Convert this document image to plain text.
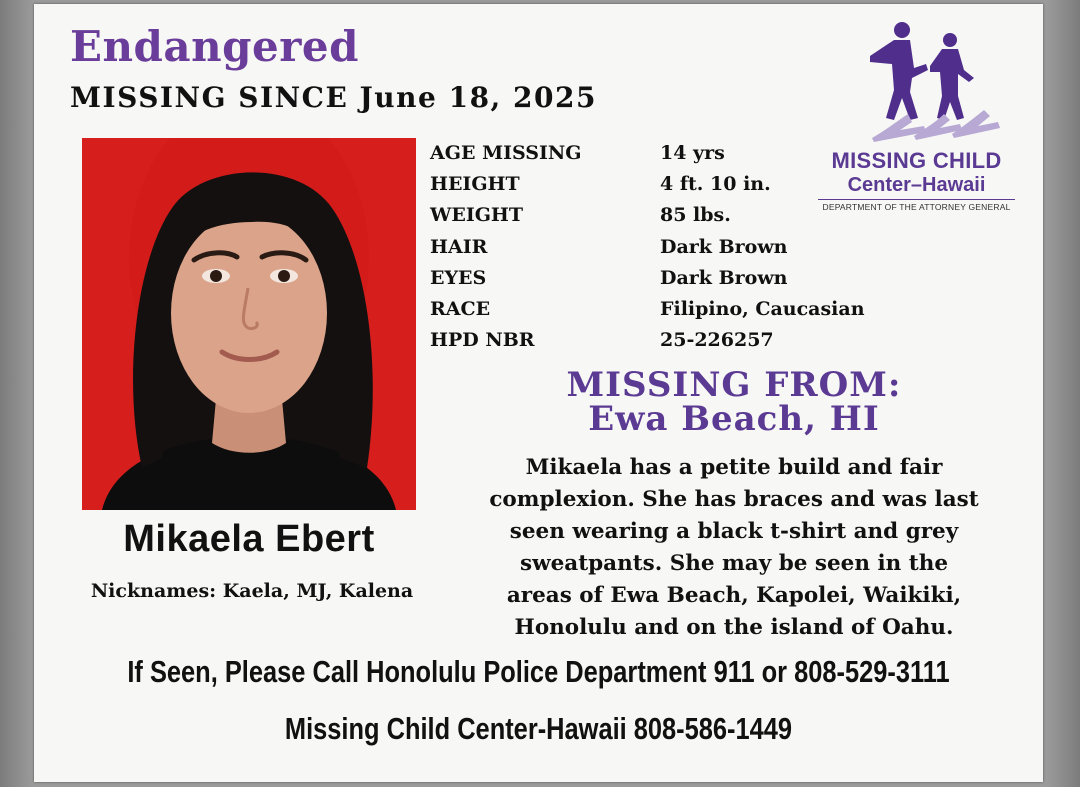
Endangered
MISSING SINCE June 18, 2025
Mikaela Ebert
Nicknames: Kaela, MJ, Kalena
AGE MISSING	14 yrs
HEIGHT	4 ft. 10 in.
WEIGHT	85 lbs.
HAIR	Dark Brown
EYES	Dark Brown
RACE	Filipino, Caucasian
HPD NBR	25-226257
MISSING CHILD
Center–Hawaii
DEPARTMENT OF THE ATTORNEY GENERAL
MISSING FROM:
Ewa Beach, HI
Mikaela has a petite build and fair
complexion. She has braces and was last
seen wearing a black t-shirt and grey
sweatpants. She may be seen in the
areas of Ewa Beach, Kapolei, Waikiki,
Honolulu and on the island of Oahu.
If Seen, Please Call Honolulu Police Department 911 or 808-529-3111
Missing Child Center-Hawaii 808-586-1449
